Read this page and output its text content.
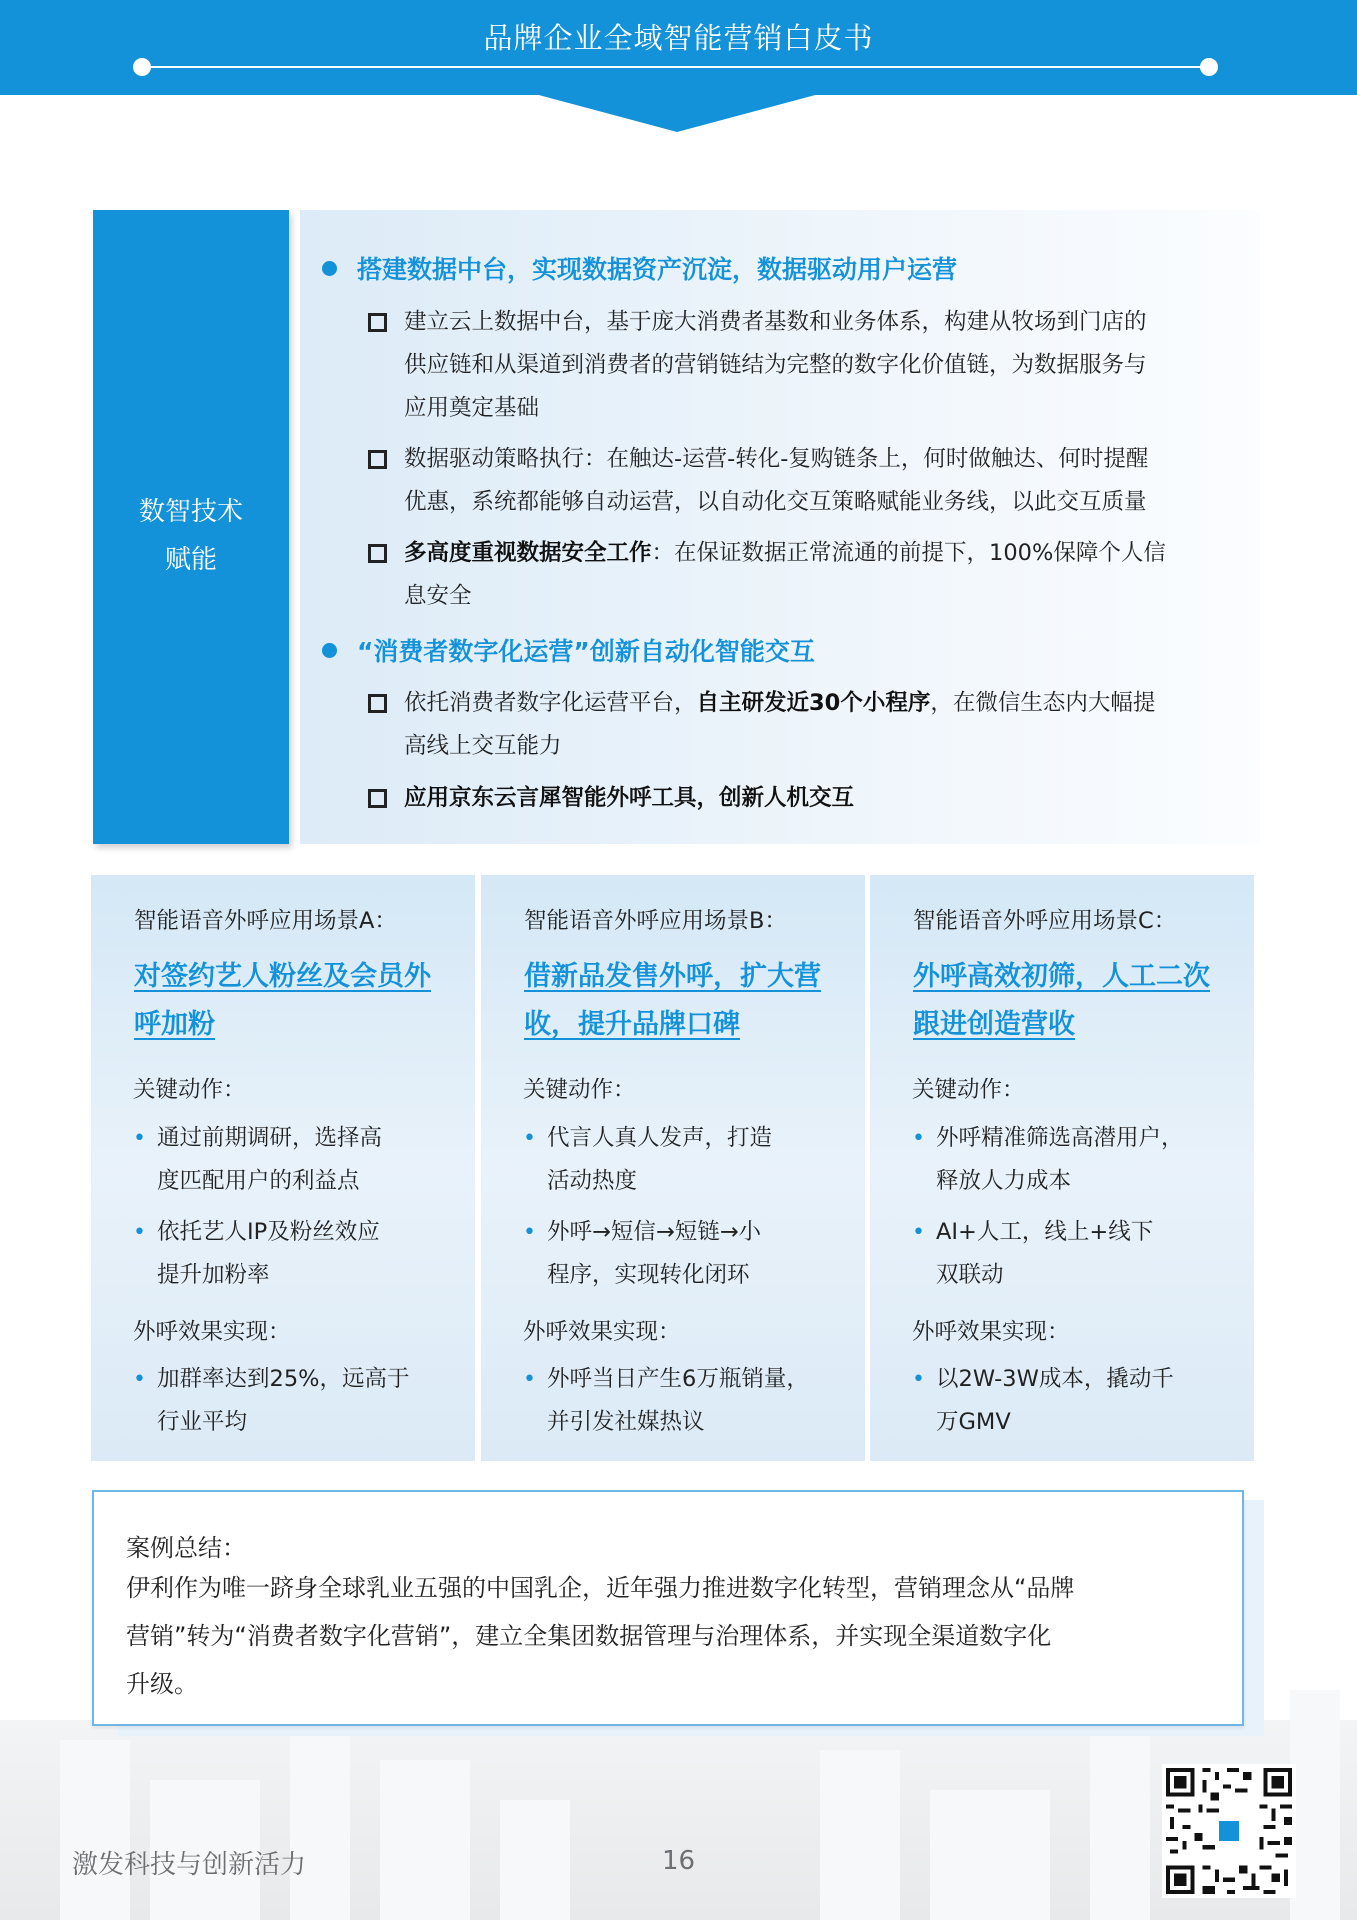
品牌企业全域智能营销白皮书
数智技术
赋能
搭建数据中台，实现数据资产沉淀，数据驱动用户运营
建立云上数据中台，基于庞大消费者基数和业务体系，构建从牧场到门店的
供应链和从渠道到消费者的营销链结为完整的数字化价值链，为数据服务与
应用奠定基础
数据驱动策略执行：在触达-运营-转化-复购链条上，何时做触达、何时提醒
优惠，系统都能够自动运营，以自动化交互策略赋能业务线，以此交互质量
多高度重视数据安全工作：在保证数据正常流通的前提下，100%保障个人信
息安全
“消费者数字化运营”创新自动化智能交互
依托消费者数字化运营平台，自主研发近30个小程序，在微信生态内大幅提
高线上交互能力
应用京东云言犀智能外呼工具，创新人机交互
智能语音外呼应用场景A：
对签约艺人粉丝及会员外
呼加粉
关键动作：
• 通过前期调研，选择高
度匹配用户的利益点
• 依托艺人IP及粉丝效应
提升加粉率
外呼效果实现：
• 加群率达到25%，远高于
行业平均
智能语音外呼应用场景B：
借新品发售外呼，扩大营
收，提升品牌口碑
关键动作：
• 代言人真人发声，打造
活动热度
• 外呼→短信→短链→小
程序，实现转化闭环
外呼效果实现：
• 外呼当日产生6万瓶销量，
并引发社媒热议
智能语音外呼应用场景C：
外呼高效初筛，人工二次
跟进创造营收
关键动作：
• 外呼精准筛选高潜用户，
释放人力成本
• AI+人工，线上+线下
双联动
外呼效果实现：
• 以2W-3W成本，撬动千
万GMV
案例总结：
伊利作为唯一跻身全球乳业五强的中国乳企，近年强力推进数字化转型，营销理念从“品牌
营销”转为“消费者数字化营销”，建立全集团数据管理与治理体系，并实现全渠道数字化
升级。
激发科技与创新活力	16
